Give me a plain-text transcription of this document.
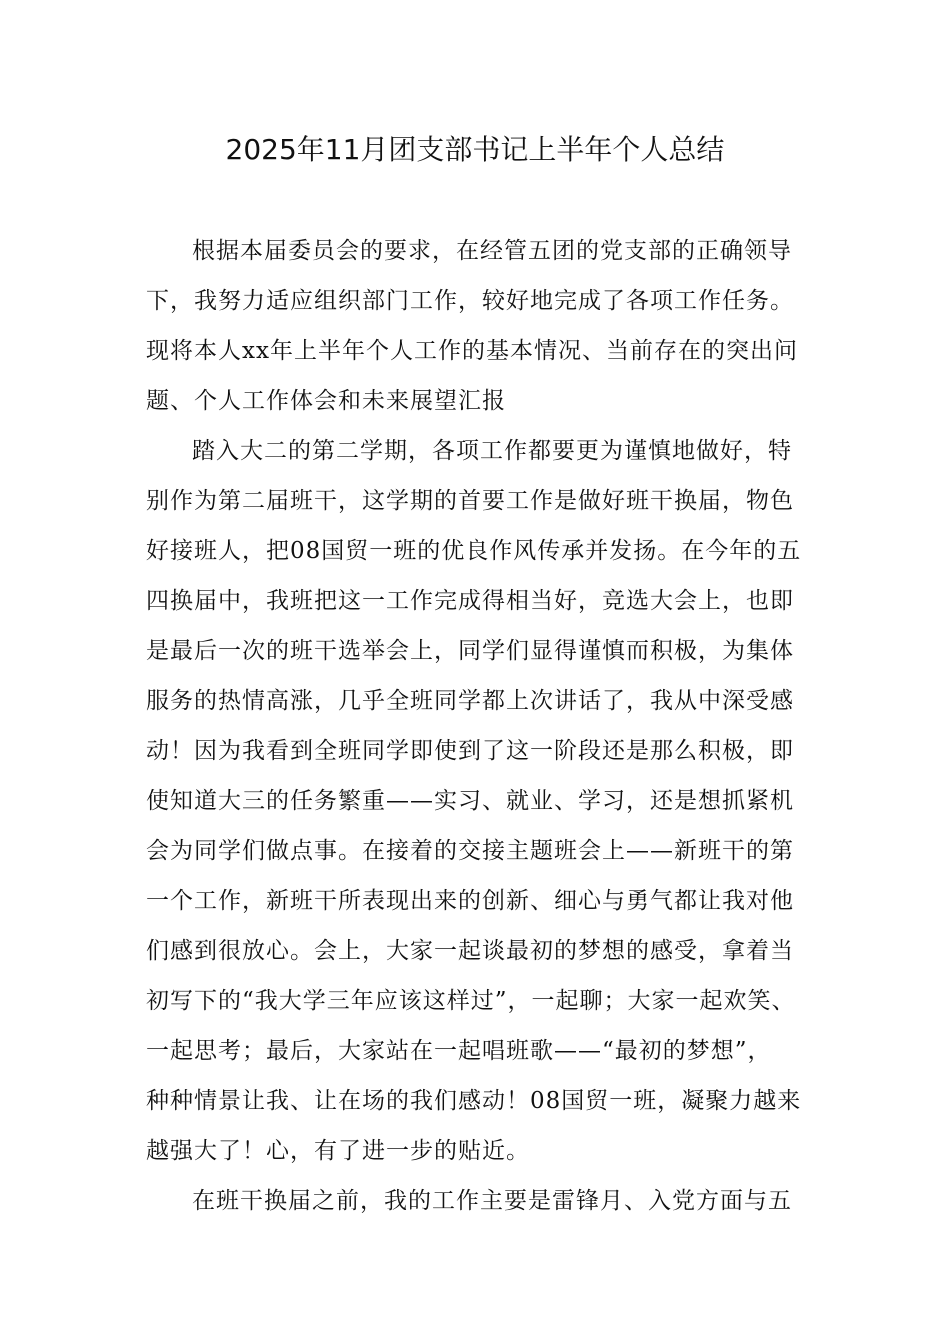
2025年11月团支部书记上半年个人总结
根据本届委员会的要求，在经管五团的党支部的正确领导
下，我努力适应组织部门工作，较好地完成了各项工作任务。
现将本人xx年上半年个人工作的基本情况、当前存在的突出问
题、个人工作体会和未来展望汇报
踏入大二的第二学期，各项工作都要更为谨慎地做好，特
别作为第二届班干，这学期的首要工作是做好班干换届，物色
好接班人，把08国贸一班的优良作风传承并发扬。在今年的五
四换届中，我班把这一工作完成得相当好，竞选大会上，也即
是最后一次的班干选举会上，同学们显得谨慎而积极，为集体
服务的热情高涨，几乎全班同学都上次讲话了，我从中深受感
动！因为我看到全班同学即使到了这一阶段还是那么积极，即
使知道大三的任务繁重——实习、就业、学习，还是想抓紧机
会为同学们做点事。在接着的交接主题班会上——新班干的第
一个工作，新班干所表现出来的创新、细心与勇气都让我对他
们感到很放心。会上，大家一起谈最初的梦想的感受，拿着当
初写下的“我大学三年应该这样过”，一起聊；大家一起欢笑、
一起思考；最后，大家站在一起唱班歌——“最初的梦想”，
种种情景让我、让在场的我们感动！08国贸一班，凝聚力越来
越强大了！心，有了进一步的贴近。
在班干换届之前，我的工作主要是雷锋月、入党方面与五
